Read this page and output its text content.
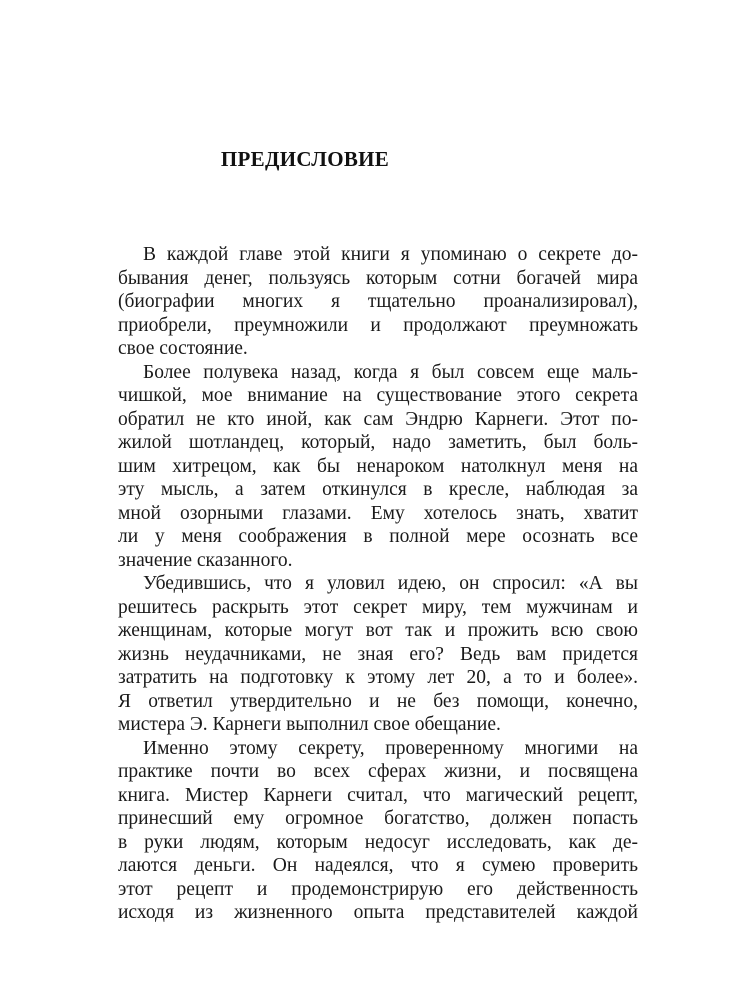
ПРЕДИСЛОВИЕ
В каждой главе этой книги я упоминаю о секрете до-
бывания денег, пользуясь которым сотни богачей мира
(биографии многих я тщательно проанализировал),
приобрели, преумножили и продолжают преумножать
свое состояние.
Более полувека назад, когда я был совсем еще маль-
чишкой, мое внимание на существование этого секрета
обратил не кто иной, как сам Эндрю Карнеги. Этот по-
жилой шотландец, который, надо заметить, был боль-
шим хитрецом, как бы ненароком натолкнул меня на
эту мысль, а затем откинулся в кресле, наблюдая за
мной озорными глазами. Ему хотелось знать, хватит
ли у меня соображения в полной мере осознать все
значение сказанного.
Убедившись, что я уловил идею, он спросил: «А вы
решитесь раскрыть этот секрет миру, тем мужчинам и
женщинам, которые могут вот так и прожить всю свою
жизнь неудачниками, не зная его? Ведь вам придется
затратить на подготовку к этому лет 20, а то и более».
Я ответил утвердительно и не без помощи, конечно,
мистера Э. Карнеги выполнил свое обещание.
Именно этому секрету, проверенному многими на
практике почти во всех сферах жизни, и посвящена
книга. Мистер Карнеги считал, что магический рецепт,
принесший ему огромное богатство, должен попасть
в руки людям, которым недосуг исследовать, как де-
лаются деньги. Он надеялся, что я сумею проверить
этот рецепт и продемонстрирую его действенность
исходя из жизненного опыта представителей каждой
